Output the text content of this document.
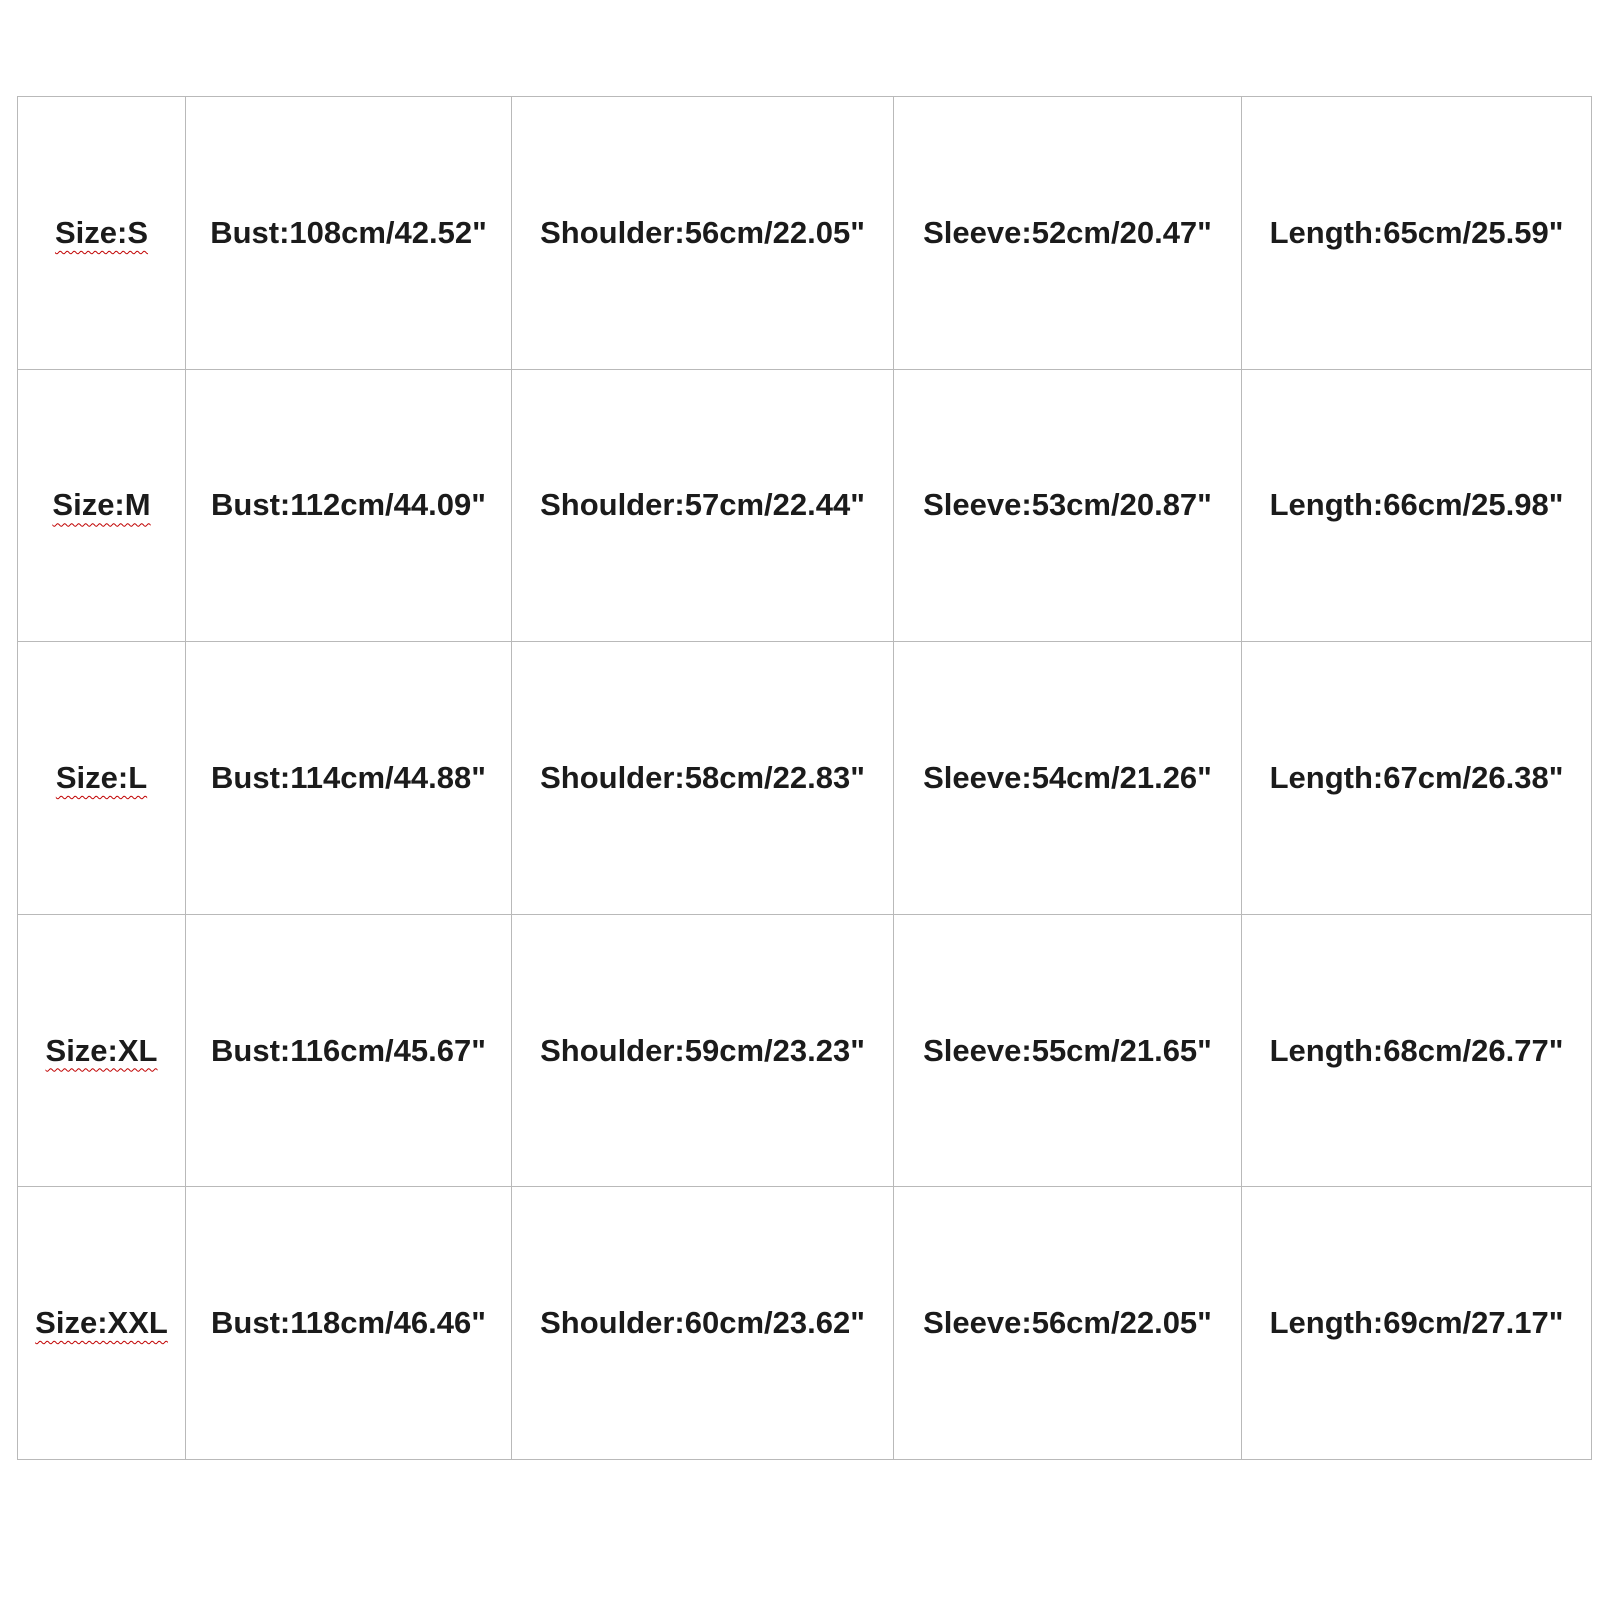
Size:S	Bust:108cm/42.52"	Shoulder:56cm/22.05"	Sleeve:52cm/20.47"	Length:65cm/25.59"
Size:M	Bust:112cm/44.09"	Shoulder:57cm/22.44"	Sleeve:53cm/20.87"	Length:66cm/25.98"
Size:L	Bust:114cm/44.88"	Shoulder:58cm/22.83"	Sleeve:54cm/21.26"	Length:67cm/26.38"
Size:XL	Bust:116cm/45.67"	Shoulder:59cm/23.23"	Sleeve:55cm/21.65"	Length:68cm/26.77"
Size:XXL	Bust:118cm/46.46"	Shoulder:60cm/23.62"	Sleeve:56cm/22.05"	Length:69cm/27.17"
